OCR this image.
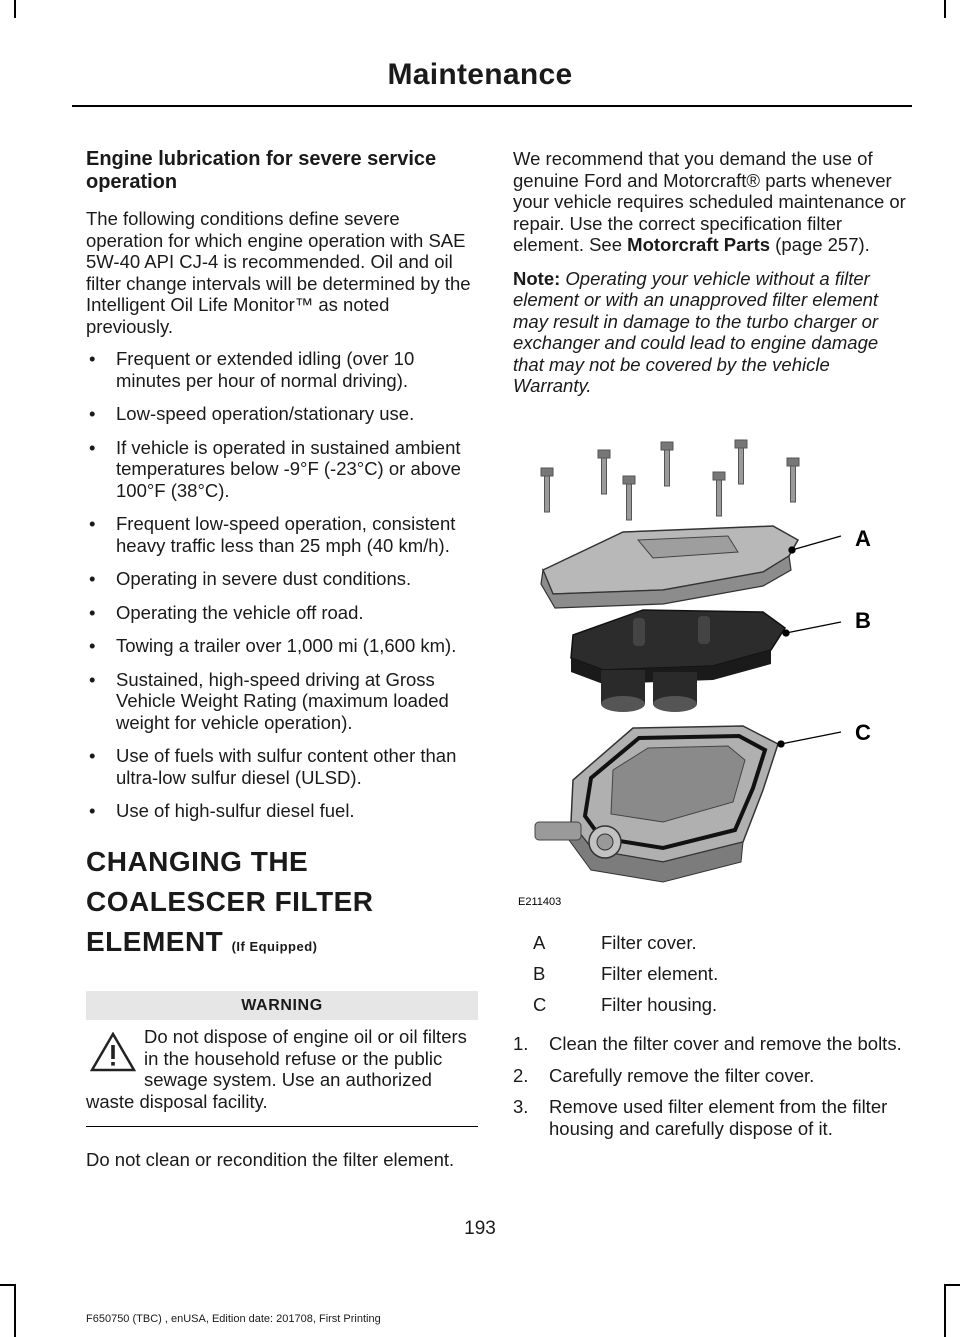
Maintenance
Engine lubrication for severe service operation

The following conditions define severe operation for which engine operation with SAE 5W-40 API CJ-4 is recommended. Oil and oil filter change intervals will be determined by the Intelligent Oil Life Monitor™ as noted previously.

• Frequent or extended idling (over 10 minutes per hour of normal driving).
• Low-speed operation/stationary use.
• If vehicle is operated in sustained ambient temperatures below -9°F (-23°C) or above 100°F (38°C).
• Frequent low-speed operation, consistent heavy traffic less than 25 mph (40 km/h).
• Operating in severe dust conditions.
• Operating the vehicle off road.
• Towing a trailer over 1,000 mi (1,600 km).
• Sustained, high-speed driving at Gross Vehicle Weight Rating (maximum loaded weight for vehicle operation).
• Use of fuels with sulfur content other than ultra-low sulfur diesel (ULSD).
• Use of high-sulfur diesel fuel.
CHANGING THE COALESCER FILTER ELEMENT (If Equipped)
WARNING

Do not dispose of engine oil or oil filters in the household refuse or the public sewage system. Use an authorized waste disposal facility.

Do not clean or recondition the filter element.

We recommend that you demand the use of genuine Ford and Motorcraft® parts whenever your vehicle requires scheduled maintenance or repair. Use the correct specification filter element. See Motorcraft Parts (page 257).

Note: Operating your vehicle without a filter element or with an unapproved filter element may result in damage to the turbo charger or exchanger and could lead to engine damage that may not be covered by the vehicle Warranty.

A
B
C
E211403
A	Filter cover.
B	Filter element.
C	Filter housing.
1. Clean the filter cover and remove the bolts.
2. Carefully remove the filter cover.
3. Remove used filter element from the filter housing and carefully dispose of it.
193
F650750 (TBC) , enUSA, Edition date: 201708, First Printing
